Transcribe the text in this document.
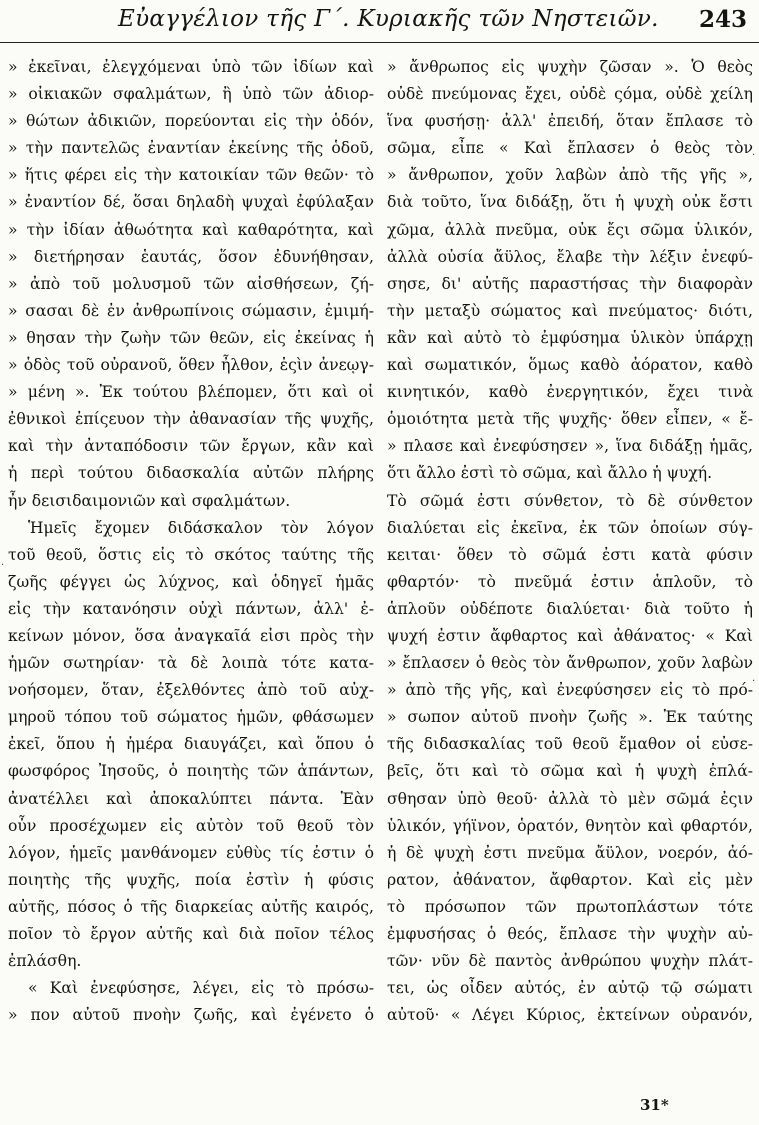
Εὐαγγέλιον τῆς Γ΄. Κυριακῆς τῶν Νηστειῶν. 243
» ἐκεῖναι, ἐλεγχόμεναι ὑπὸ τῶν ἰδίων καὶ
» οἰκιακῶν σφαλμάτων, ἢ ὑπὸ τῶν ἀδιορ-
» θώτων ἀδικιῶν, πορεύονται εἰς τὴν ὁδόν,
» τὴν παντελῶς ἐναντίαν ἐκείνης τῆς ὁδοῦ,
» ἥτις φέρει εἰς τὴν κατοικίαν τῶν θεῶν· τὸ
» ἐναντίον δέ, ὅσαι δηλαδὴ ψυχαὶ ἐφύλαξαν
» τὴν ἰδίαν ἀθωότητα καὶ καθαρότητα, καὶ
» διετήρησαν ἑαυτάς, ὅσον ἐδυνήθησαν,
» ἀπὸ τοῦ μολυσμοῦ τῶν αἰσθήσεων, ζή-
» σασαι δὲ ἐν ἀνθρωπίνοις σώμασιν, ἐμιμή-
» θησαν τὴν ζωὴν τῶν θεῶν, εἰς ἐκείνας ἡ
» ὁδὸς τοῦ οὐρανοῦ, ὅθεν ἦλθον, ἐςὶν ἀνεῳγ-
» μένη ». Ἐκ τούτου βλέπομεν, ὅτι καὶ οἱ
ἐθνικοὶ ἐπίςευον τὴν ἀθανασίαν τῆς ψυχῆς,
καὶ τὴν ἀνταπόδοσιν τῶν ἔργων, κἂν καὶ
ἡ περὶ τούτου διδασκαλία αὐτῶν πλήρης
ἦν δεισιδαιμονιῶν καὶ σφαλμάτων.
Ἡμεῖς ἔχομεν διδάσκαλον τὸν λόγον
τοῦ θεοῦ, ὅστις εἰς τὸ σκότος ταύτης τῆς
ζωῆς φέγγει ὡς λύχνος, καὶ ὁδηγεῖ ἡμᾶς
εἰς τὴν κατανόησιν οὐχὶ πάντων, ἀλλ' ἐ-
κείνων μόνον, ὅσα ἀναγκαῖά εἰσι πρὸς τὴν
ἡμῶν σωτηρίαν· τὰ δὲ λοιπὰ τότε κατα-
νοήσομεν, ὅταν, ἐξελθόντες ἀπὸ τοῦ αὐχ-
μηροῦ τόπου τοῦ σώματος ἡμῶν, φθάσωμεν
ἐκεῖ, ὅπου ἡ ἡμέρα διαυγάζει, καὶ ὅπου ὁ
φωσφόρος Ἰησοῦς, ὁ ποιητὴς τῶν ἁπάντων,
ἀνατέλλει καὶ ἀποκαλύπτει πάντα. Ἐὰν
οὖν προσέχωμεν εἰς αὐτὸν τοῦ θεοῦ τὸν
λόγον, ἡμεῖς μανθάνομεν εὐθὺς τίς ἐστιν ὁ
ποιητὴς τῆς ψυχῆς, ποία ἐστὶν ἡ φύσις
αὐτῆς, πόσος ὁ τῆς διαρκείας αὐτῆς καιρός,
ποῖον τὸ ἔργον αὐτῆς καὶ διὰ ποῖον τέλος
ἐπλάσθη.
« Καὶ ἐνεφύσησε, λέγει, εἰς τὸ πρόσω-
» πον αὐτοῦ πνοὴν ζωῆς, καὶ ἐγένετο ὁ
» ἄνθρωπος εἰς ψυχὴν ζῶσαν ». Ὁ θεὸς
οὐδὲ πνεύμονας ἔχει, οὐδὲ ςόμα, οὐδὲ χείλη
ἵνα φυσήσῃ· ἀλλ' ἐπειδή, ὅταν ἔπλασε τὸ
σῶμα, εἶπε « Καὶ ἔπλασεν ὁ θεὸς τὸν
» ἄνθρωπον, χοῦν λαβὼν ἀπὸ τῆς γῆς »,
διὰ τοῦτο, ἵνα διδάξῃ, ὅτι ἡ ψυχὴ οὐκ ἔστι
χῶμα, ἀλλὰ πνεῦμα, οὐκ ἔςι σῶμα ὑλικόν,
ἀλλὰ οὐσία ἄϋλος, ἔλαβε τὴν λέξιν ἐνεφύ-
σησε, δι' αὐτῆς παραστήσας τὴν διαφορὰν
τὴν μεταξὺ σώματος καὶ πνεύματος· διότι,
κἂν καὶ αὐτὸ τὸ ἐμφύσημα ὑλικὸν ὑπάρχῃ
καὶ σωματικόν, ὅμως καθὸ ἀόρατον, καθὸ
κινητικόν, καθὸ ἐνεργητικόν, ἔχει τινὰ
ὁμοιότητα μετὰ τῆς ψυχῆς· ὅθεν εἶπεν, « ἔ-
» πλασε καὶ ἐνεφύσησεν », ἵνα διδάξῃ ἡμᾶς,
ὅτι ἄλλο ἐστὶ τὸ σῶμα, καὶ ἄλλο ἡ ψυχή.
Τὸ σῶμά ἐστι σύνθετον, τὸ δὲ σύνθετον
διαλύεται εἰς ἐκεῖνα, ἐκ τῶν ὁποίων σύγ-
κειται· ὅθεν τὸ σῶμά ἐστι κατὰ φύσιν
φθαρτόν· τὸ πνεῦμά ἐστιν ἁπλοῦν, τὸ
ἁπλοῦν οὐδέποτε διαλύεται· διὰ τοῦτο ἡ
ψυχή ἐστιν ἄφθαρτος καὶ ἀθάνατος· « Καὶ
» ἔπλασεν ὁ θεὸς τὸν ἄνθρωπον, χοῦν λαβὼν
» ἀπὸ τῆς γῆς, καὶ ἐνεφύσησεν εἰς τὸ πρό-
» σωπον αὐτοῦ πνοὴν ζωῆς ». Ἐκ ταύτης
τῆς διδασκαλίας τοῦ θεοῦ ἔμαθον οἱ εὐσε-
βεῖς, ὅτι καὶ τὸ σῶμα καὶ ἡ ψυχὴ ἐπλά-
σθησαν ὑπὸ θεοῦ· ἀλλὰ τὸ μὲν σῶμά ἐςιν
ὑλικόν, γήϊνον, ὁρατόν, θνητὸν καὶ φθαρτόν,
ἡ δὲ ψυχὴ ἐστι πνεῦμα ἄϋλον, νοερόν, ἀό-
ρατον, ἀθάνατον, ἄφθαρτον. Καὶ εἰς μὲν
τὸ πρόσωπον τῶν πρωτοπλάστων τότε
ἐμφυσήσας ὁ θεός, ἔπλασε τὴν ψυχὴν αὐ-
τῶν· νῦν δὲ παντὸς ἀνθρώπου ψυχὴν πλάτ-
τει, ὡς οἶδεν αὐτός, ἐν αὐτῷ τῷ σώματι
αὐτοῦ· « Λέγει Κύριος, ἐκτείνων οὐρανόν,
·
·
·
31*
